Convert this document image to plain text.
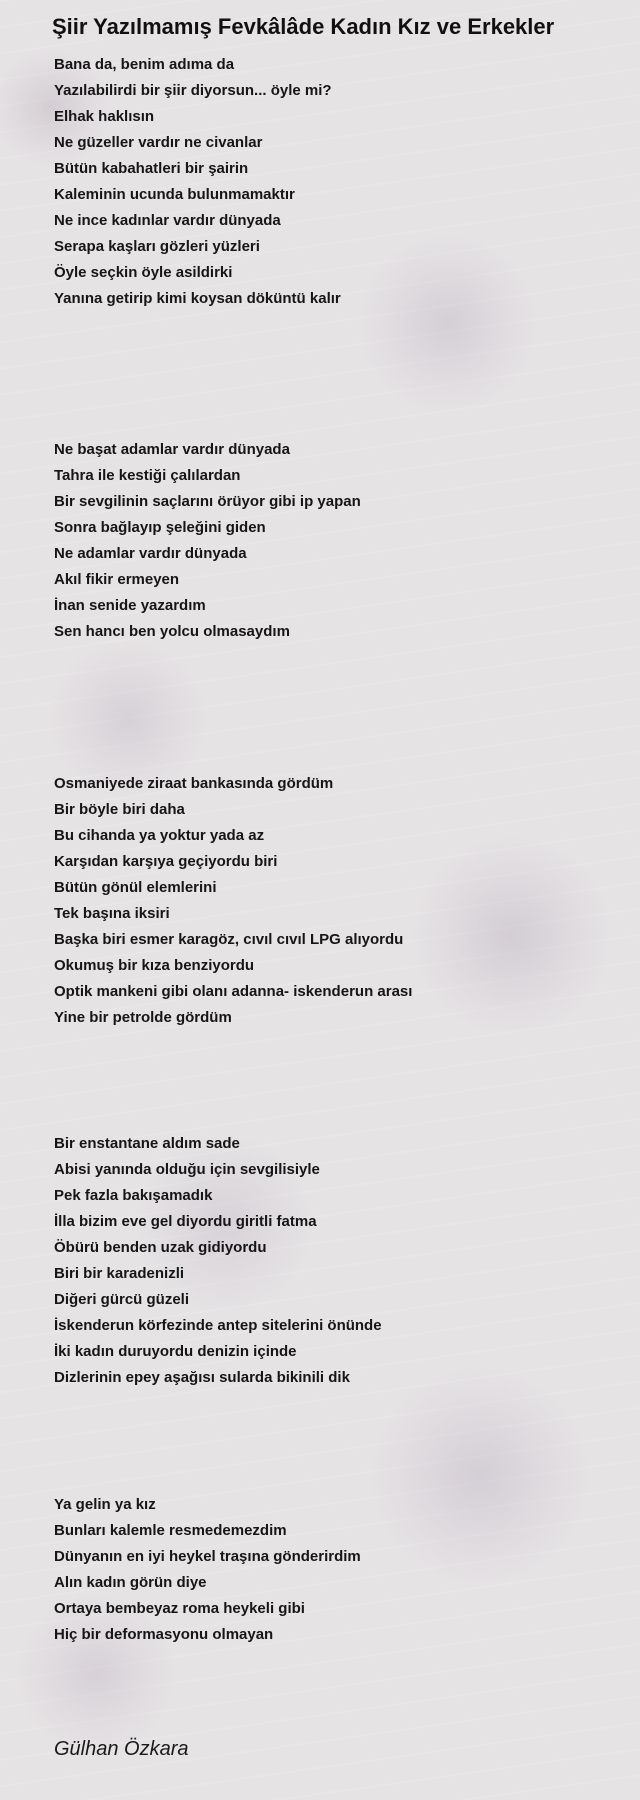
Şiir Yazılmamış Fevkâlâde Kadın Kız ve Erkekler
Bana da, benim adıma da
Yazılabilirdi bir şiir diyorsun... öyle mi?
Elhak haklısın
Ne güzeller vardır ne civanlar
Bütün kabahatleri bir şairin
Kaleminin ucunda bulunmamaktır
Ne ince kadınlar vardır dünyada
Serapa kaşları gözleri yüzleri
Öyle seçkin öyle asildirki
Yanına getirip kimi koysan döküntü kalır
Ne başat adamlar vardır dünyada
Tahra ile kestiği çalılardan
Bir sevgilinin saçlarını örüyor gibi ip yapan
Sonra bağlayıp şeleğini giden
Ne adamlar vardır dünyada
Akıl fikir ermeyen
İnan senide yazardım
Sen hancı ben yolcu olmasaydım
Osmaniyede ziraat bankasında gördüm
Bir böyle biri daha
Bu cihanda ya yoktur yada az
Karşıdan karşıya geçiyordu biri
Bütün gönül elemlerini
Tek başına iksiri
Başka biri esmer karagöz, cıvıl cıvıl LPG alıyordu
Okumuş bir kıza benziyordu
Optik mankeni gibi olanı adanna- iskenderun arası
Yine bir petrolde gördüm
Bir enstantane aldım sade
Abisi yanında olduğu için sevgilisiyle
Pek fazla bakışamadık
İlla bizim eve gel diyordu giritli fatma
Öbürü benden uzak gidiyordu
Biri bir karadenizli
Diğeri gürcü güzeli
İskenderun körfezinde antep sitelerini önünde
İki kadın duruyordu denizin içinde
Dizlerinin epey aşağısı sularda bikinili dik
Ya gelin ya kız
Bunları kalemle resmedemezdim
Dünyanın en iyi heykel traşına gönderirdim
Alın kadın görün diye
Ortaya bembeyaz roma heykeli gibi
Hiç bir deformasyonu olmayan

Gülhan Özkara
